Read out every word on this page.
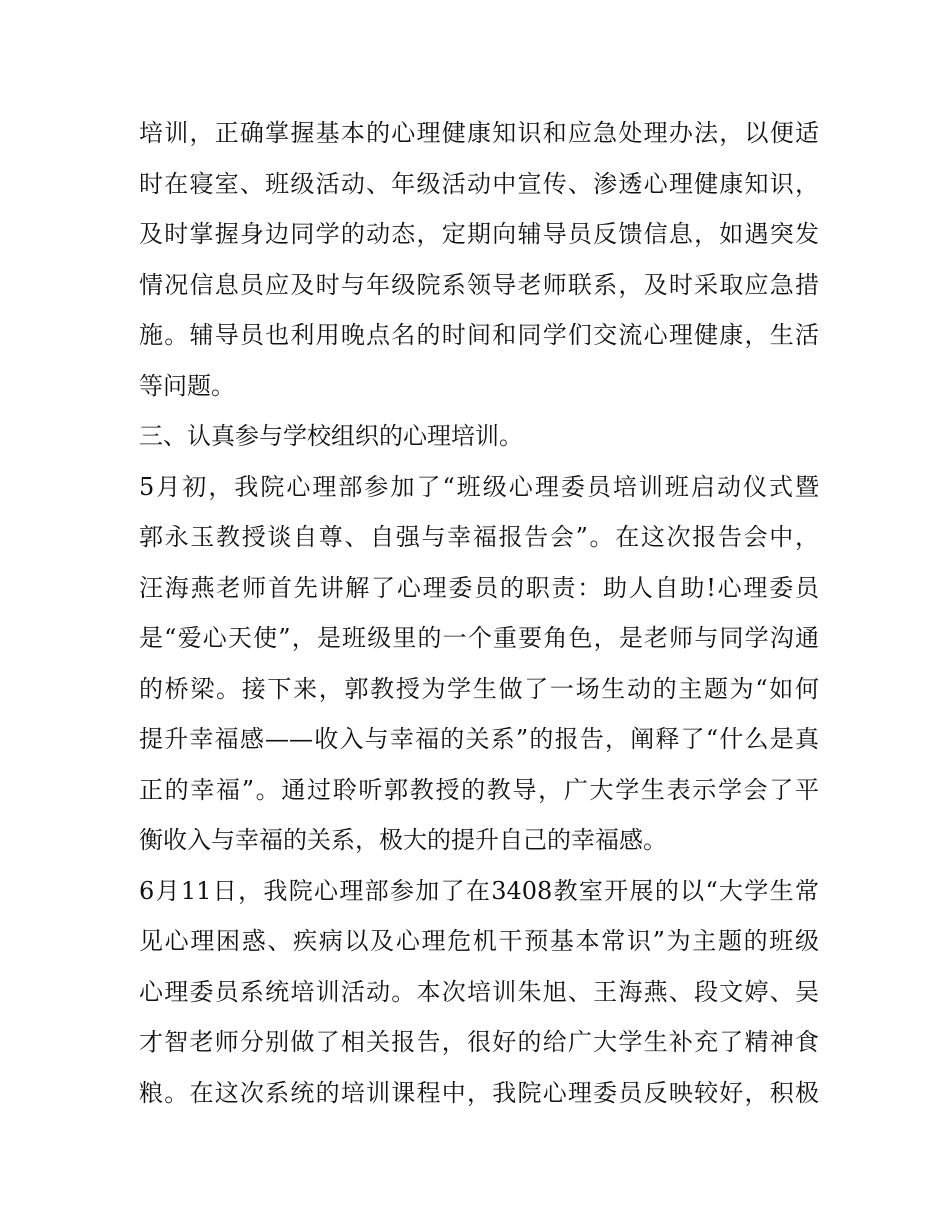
培训，正确掌握基本的心理健康知识和应急处理办法，以便适
时在寝室、班级活动、年级活动中宣传、渗透心理健康知识，
及时掌握身边同学的动态，定期向辅导员反馈信息，如遇突发
情况信息员应及时与年级院系领导老师联系，及时采取应急措
施。辅导员也利用晚点名的时间和同学们交流心理健康，生活
等问题。
三、认真参与学校组织的心理培训。
5月初，我院心理部参加了“班级心理委员培训班启动仪式暨
郭永玉教授谈自尊、自强与幸福报告会”。在这次报告会中，
汪海燕老师首先讲解了心理委员的职责：助人自助!心理委员
是“爱心天使”，是班级里的一个重要角色，是老师与同学沟通
的桥梁。接下来，郭教授为学生做了一场生动的主题为“如何
提升幸福感——收入与幸福的关系”的报告，阐释了“什么是真
正的幸福”。通过聆听郭教授的教导，广大学生表示学会了平
衡收入与幸福的关系，极大的提升自己的幸福感。
6月11日，我院心理部参加了在3408教室开展的以“大学生常
见心理困惑、疾病以及心理危机干预基本常识”为主题的班级
心理委员系统培训活动。本次培训朱旭、王海燕、段文婷、吴
才智老师分别做了相关报告，很好的给广大学生补充了精神食
粮。在这次系统的培训课程中，我院心理委员反映较好，积极
